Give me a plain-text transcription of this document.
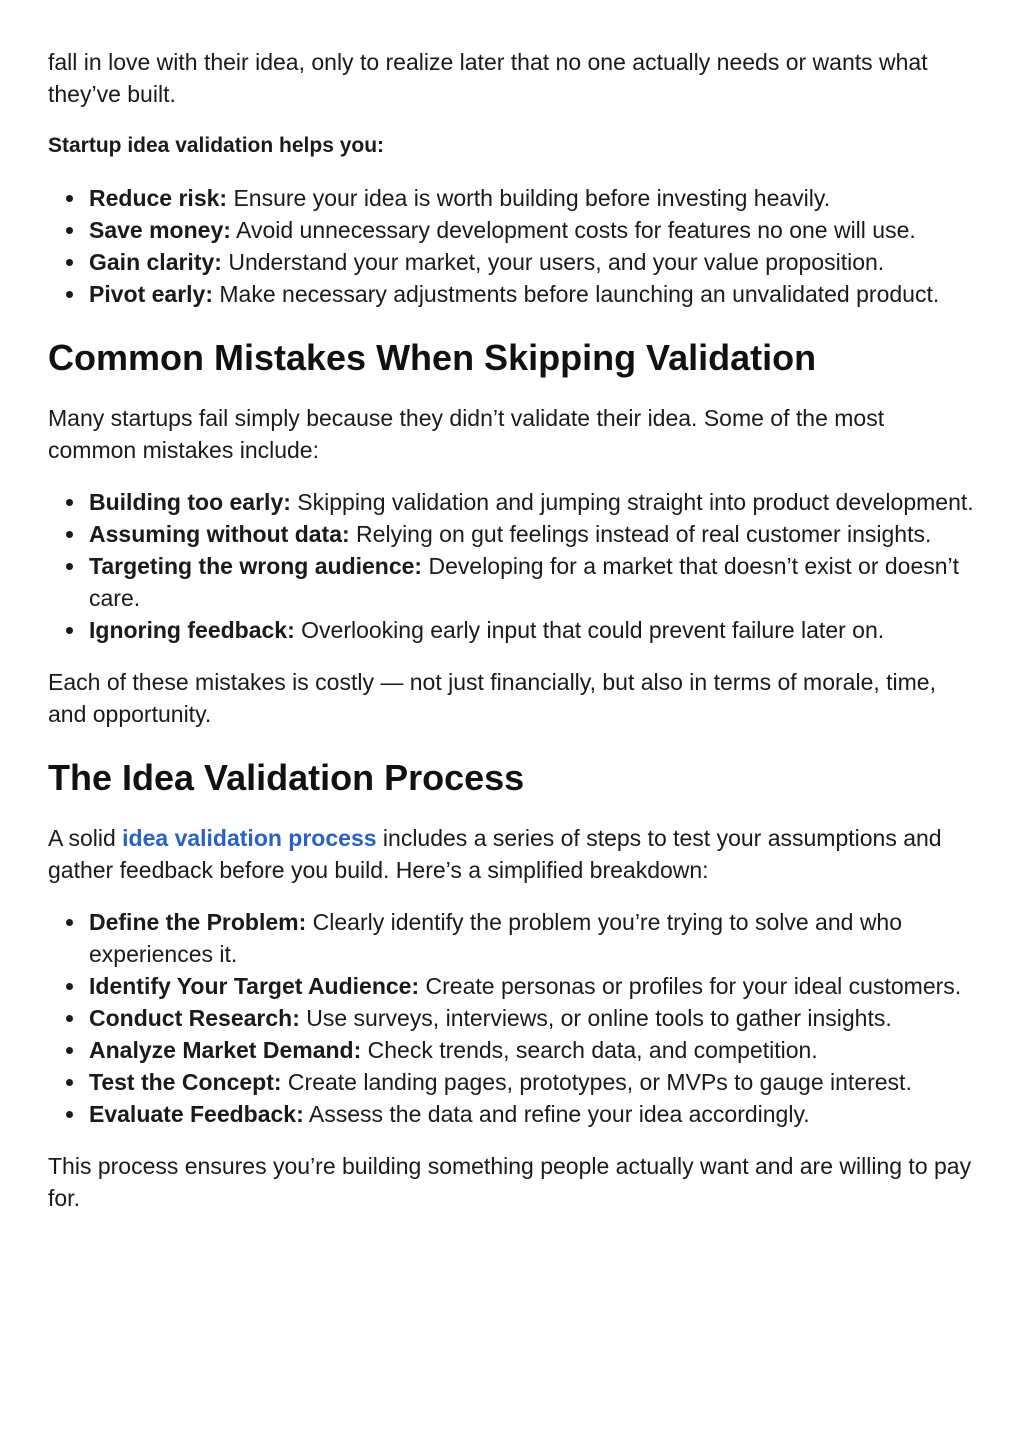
fall in love with their idea, only to realize later that no one actually needs or wants what they’ve built.

Startup idea validation helps you:

Reduce risk: Ensure your idea is worth building before investing heavily.
Save money: Avoid unnecessary development costs for features no one will use.
Gain clarity: Understand your market, your users, and your value proposition.
Pivot early: Make necessary adjustments before launching an unvalidated product.
Common Mistakes When Skipping Validation

Many startups fail simply because they didn’t validate their idea. Some of the most common mistakes include:

Building too early: Skipping validation and jumping straight into product development.
Assuming without data: Relying on gut feelings instead of real customer insights.
Targeting the wrong audience: Developing for a market that doesn’t exist or doesn’t care.
Ignoring feedback: Overlooking early input that could prevent failure later on.

Each of these mistakes is costly — not just financially, but also in terms of morale, time, and opportunity.

The Idea Validation Process

A solid idea validation process includes a series of steps to test your assumptions and gather feedback before you build. Here’s a simplified breakdown:

Define the Problem: Clearly identify the problem you’re trying to solve and who experiences it.
Identify Your Target Audience: Create personas or profiles for your ideal customers.
Conduct Research: Use surveys, interviews, or online tools to gather insights.
Analyze Market Demand: Check trends, search data, and competition.
Test the Concept: Create landing pages, prototypes, or MVPs to gauge interest.
Evaluate Feedback: Assess the data and refine your idea accordingly.

This process ensures you’re building something people actually want and are willing to pay for.
